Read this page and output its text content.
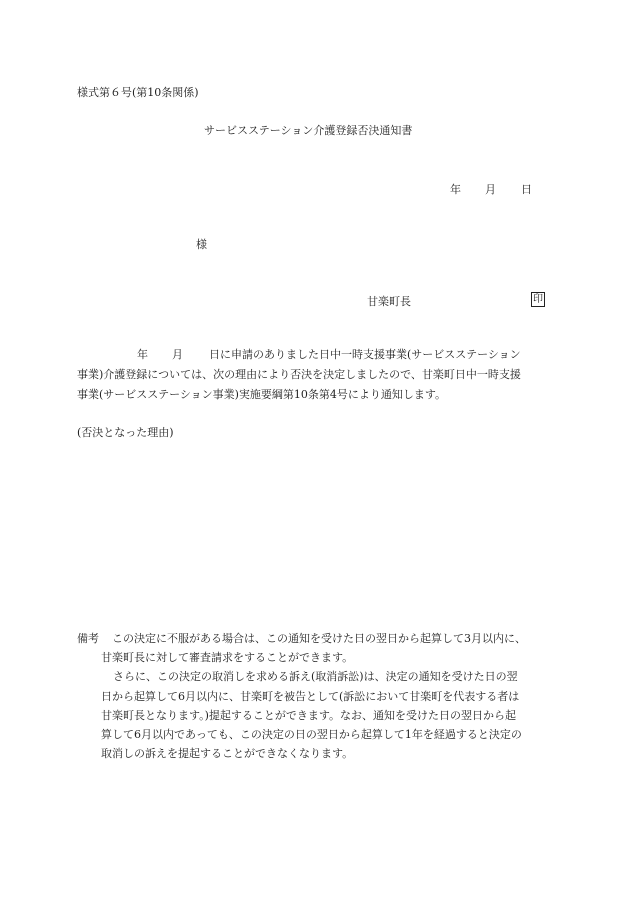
様式第６号(第10条関係)
サービスステーション介護登録否決通知書
年 月 日
様
甘楽町長	印
年 月 日に申請のありました日中一時支援事業(サービスステーション
事業)介護登録については、次の理由により否決を決定しましたので、甘楽町日中一時支援
事業(サービスステーション事業)実施要綱第10条第4号により通知します。
(否決となった理由)
備考 この決定に不服がある場合は、この通知を受けた日の翌日から起算して3月以内に、
甘楽町長に対して審査請求をすることができます。
さらに、この決定の取消しを求める訴え(取消訴訟)は、決定の通知を受けた日の翌
日から起算して6月以内に、甘楽町を被告として(訴訟において甘楽町を代表する者は
甘楽町長となります。)提起することができます。なお、通知を受けた日の翌日から起
算して6月以内であっても、この決定の日の翌日から起算して1年を経過すると決定の
取消しの訴えを提起することができなくなります。
